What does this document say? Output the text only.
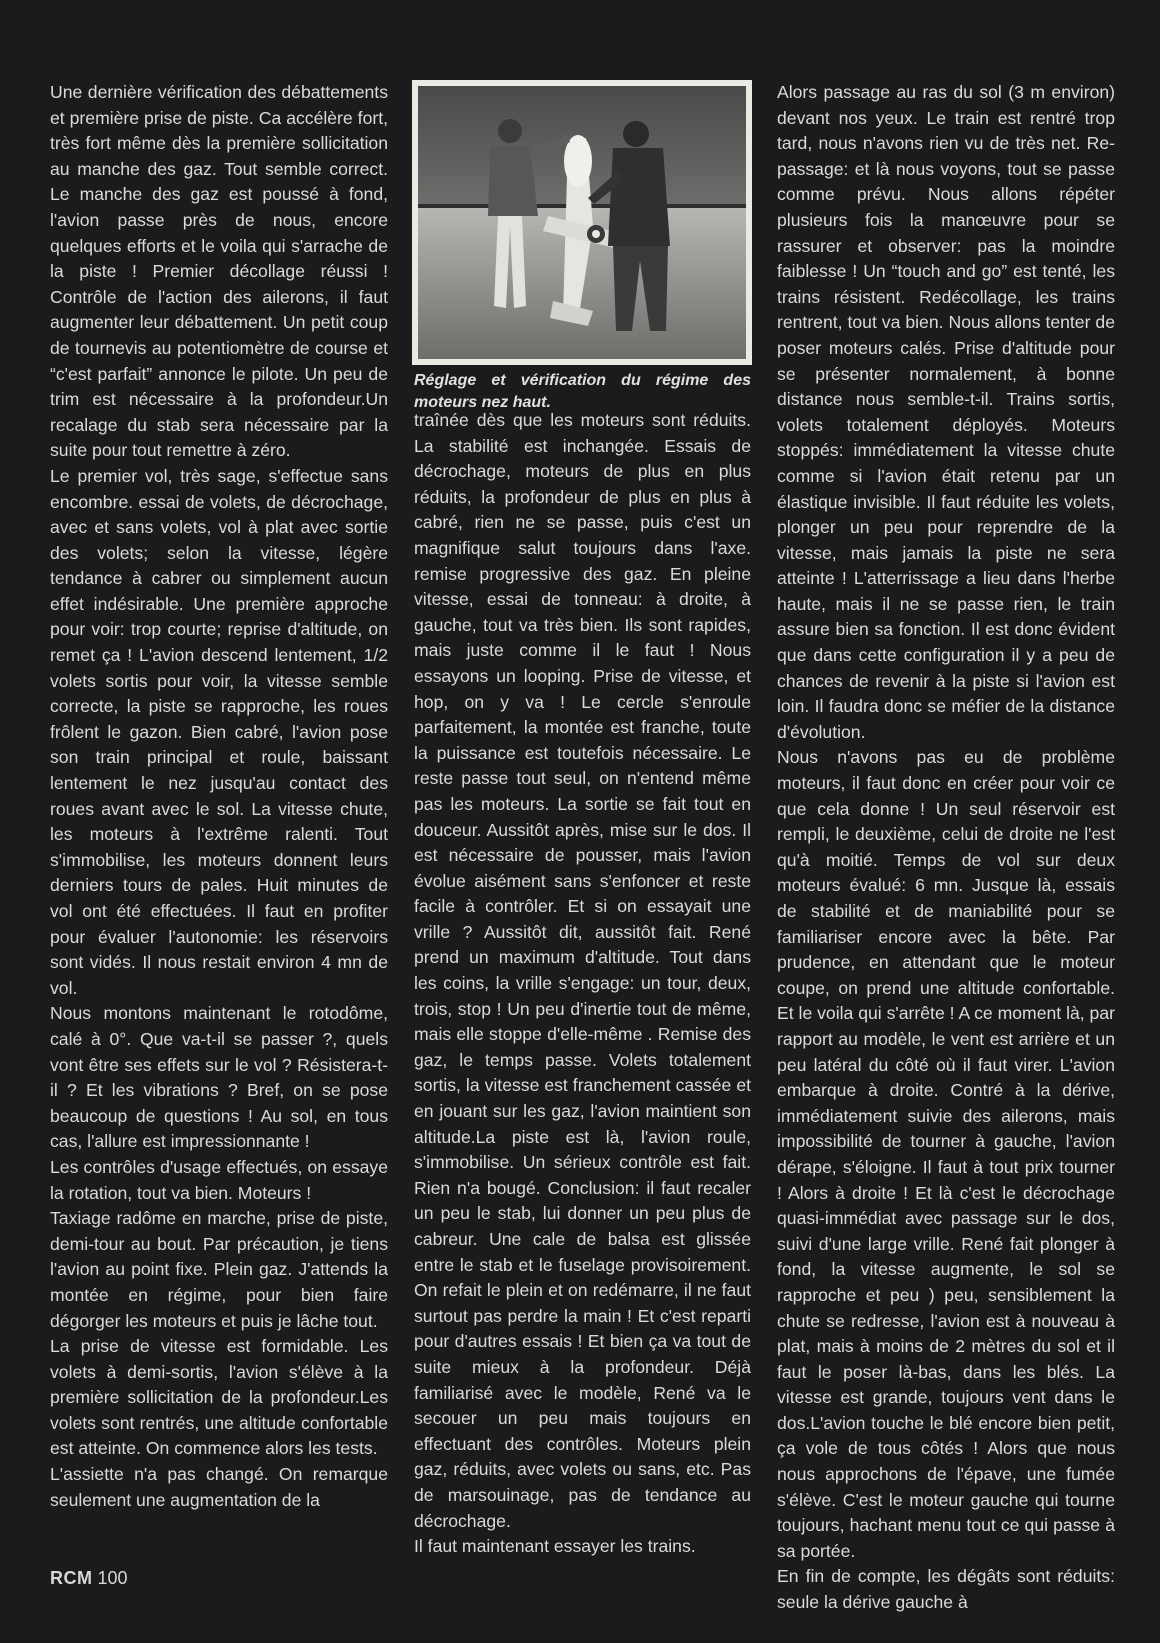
Une dernière vérification des débattements et première prise de piste. Ca accélère fort, très fort même dès la première sollicitation au manche des gaz. Tout semble correct. Le manche des gaz est poussé à fond, l'avion passe près de nous, encore quelques efforts et le voila qui s'arrache de la piste ! Premier décollage réussi ! Contrôle de l'action des ailerons, il faut augmenter leur débattement. Un petit coup de tournevis au potentiomètre de course et “c'est parfait” annonce le pilote. Un peu de trim est nécessaire à la profondeur.Un recalage du stab sera nécessaire par la suite pour tout remettre à zéro.

Le premier vol, très sage, s'effectue sans encombre. essai de volets, de décrochage, avec et sans volets, vol à plat avec sortie des volets; selon la vitesse, légère tendance à cabrer ou simplement aucun effet indésirable. Une première approche pour voir: trop courte; reprise d'altitude, on remet ça ! L'avion descend lentement, 1/2 volets sortis pour voir, la vitesse semble correcte, la piste se rapproche, les roues frôlent le gazon. Bien cabré, l'avion pose son train principal et roule, baissant lentement le nez jusqu'au contact des roues avant avec le sol. La vitesse chute, les moteurs à l'extrême ralenti. Tout s'immobilise, les moteurs donnent leurs derniers tours de pales. Huit minutes de vol ont été effectuées. Il faut en profiter pour évaluer l'autonomie: les réservoirs sont vidés. Il nous restait environ 4 mn de vol.

Nous montons maintenant le rotodôme, calé à 0°. Que va-t-il se passer ?, quels vont être ses effets sur le vol ? Résistera-t-il ? Et les vibrations ? Bref, on se pose beaucoup de questions ! Au sol, en tous cas, l'allure est impressionnante !

Les contrôles d'usage effectués, on essaye la rotation, tout va bien. Moteurs !

Taxiage radôme en marche, prise de piste, demi-tour au bout. Par précaution, je tiens l'avion au point fixe. Plein gaz. J'attends la montée en régime, pour bien faire dégorger les moteurs et puis je lâche tout.

La prise de vitesse est formidable. Les volets à demi-sortis, l'avion s'élève à la première sollicitation de la profondeur.Les volets sont rentrés, une altitude confortable est atteinte. On commence alors les tests.

L'assiette n'a pas changé. On remarque seulement une augmentation de la

Réglage et vérification du régime des moteurs nez haut.

traînée dès que les moteurs sont réduits. La stabilité est inchangée. Essais de décrochage, moteurs de plus en plus réduits, la profondeur de plus en plus à cabré, rien ne se passe, puis c'est un magnifique salut toujours dans l'axe. remise progressive des gaz. En pleine vitesse, essai de tonneau: à droite, à gauche, tout va très bien. Ils sont rapides, mais juste comme il le faut ! Nous essayons un looping. Prise de vitesse, et hop, on y va ! Le cercle s'enroule parfaitement, la montée est franche, toute la puissance est toutefois nécessaire. Le reste passe tout seul, on n'entend même pas les moteurs. La sortie se fait tout en douceur. Aussitôt après, mise sur le dos. Il est nécessaire de pousser, mais l'avion évolue aisément sans s'enfoncer et reste facile à contrôler. Et si on essayait une vrille ? Aussitôt dit, aussitôt fait. René prend un maximum d'altitude. Tout dans les coins, la vrille s'engage: un tour, deux, trois, stop ! Un peu d'inertie tout de même, mais elle stoppe d'elle-même . Remise des gaz, le temps passe. Volets totalement sortis, la vitesse est franchement cassée et en jouant sur les gaz, l'avion maintient son altitude.La piste est là, l'avion roule, s'immobilise. Un sérieux contrôle est fait. Rien n'a bougé. Conclusion: il faut recaler un peu le stab, lui donner un peu plus de cabreur. Une cale de balsa est glissée entre le stab et le fuselage provisoirement. On refait le plein et on redémarre, il ne faut surtout pas perdre la main ! Et c'est reparti pour d'autres essais ! Et bien ça va tout de suite mieux à la profondeur. Déjà familiarisé avec le modèle, René va le secouer un peu mais toujours en effectuant des contrôles. Moteurs plein gaz, réduits, avec volets ou sans, etc. Pas de marsouinage, pas de tendance au décrochage.

Il faut maintenant essayer les trains.

Alors passage au ras du sol (3 m environ) devant nos yeux. Le train est rentré trop tard, nous n'avons rien vu de très net. Re-passage: et là nous voyons, tout se passe comme prévu. Nous allons répéter plusieurs fois la manœuvre pour se rassurer et observer: pas la moindre faiblesse ! Un “touch and go” est tenté, les trains résistent. Redécollage, les trains rentrent, tout va bien. Nous allons tenter de poser moteurs calés. Prise d'altitude pour se présenter normalement, à bonne distance nous semble-t-il. Trains sortis, volets totalement déployés. Moteurs stoppés: immédiatement la vitesse chute comme si l'avion était retenu par un élastique invisible. Il faut réduite les volets, plonger un peu pour reprendre de la vitesse, mais jamais la piste ne sera atteinte ! L'atterrissage a lieu dans l'herbe haute, mais il ne se passe rien, le train assure bien sa fonction. Il est donc évident que dans cette configuration il y a peu de chances de revenir à la piste si l'avion est loin. Il faudra donc se méfier de la distance d'évolution.

Nous n'avons pas eu de problème moteurs, il faut donc en créer pour voir ce que cela donne ! Un seul réservoir est rempli, le deuxième, celui de droite ne l'est qu'à moitié. Temps de vol sur deux moteurs évalué: 6 mn. Jusque là, essais de stabilité et de maniabilité pour se familiariser encore avec la bête. Par prudence, en attendant que le moteur coupe, on prend une altitude confortable. Et le voila qui s'arrête ! A ce moment là, par rapport au modèle, le vent est arrière et un peu latéral du côté où il faut virer. L'avion embarque à droite. Contré à la dérive, immédiatement suivie des ailerons, mais impossibilité de tourner à gauche, l'avion dérape, s'éloigne. Il faut à tout prix tourner ! Alors à droite ! Et là c'est le décrochage quasi-immédiat avec passage sur le dos, suivi d'une large vrille. René fait plonger à fond, la vitesse augmente, le sol se rapproche et peu ) peu, sensiblement la chute se redresse, l'avion est à nouveau à plat, mais à moins de 2 mètres du sol et il faut le poser là-bas, dans les blés. La vitesse est grande, toujours vent dans le dos.L'avion touche le blé encore bien petit, ça vole de tous côtés ! Alors que nous nous approchons de l'épave, une fumée s'élève. C'est le moteur gauche qui tourne toujours, hachant menu tout ce qui passe à sa portée.

En fin de compte, les dégâts sont réduits: seule la dérive gauche à

RCM 100
